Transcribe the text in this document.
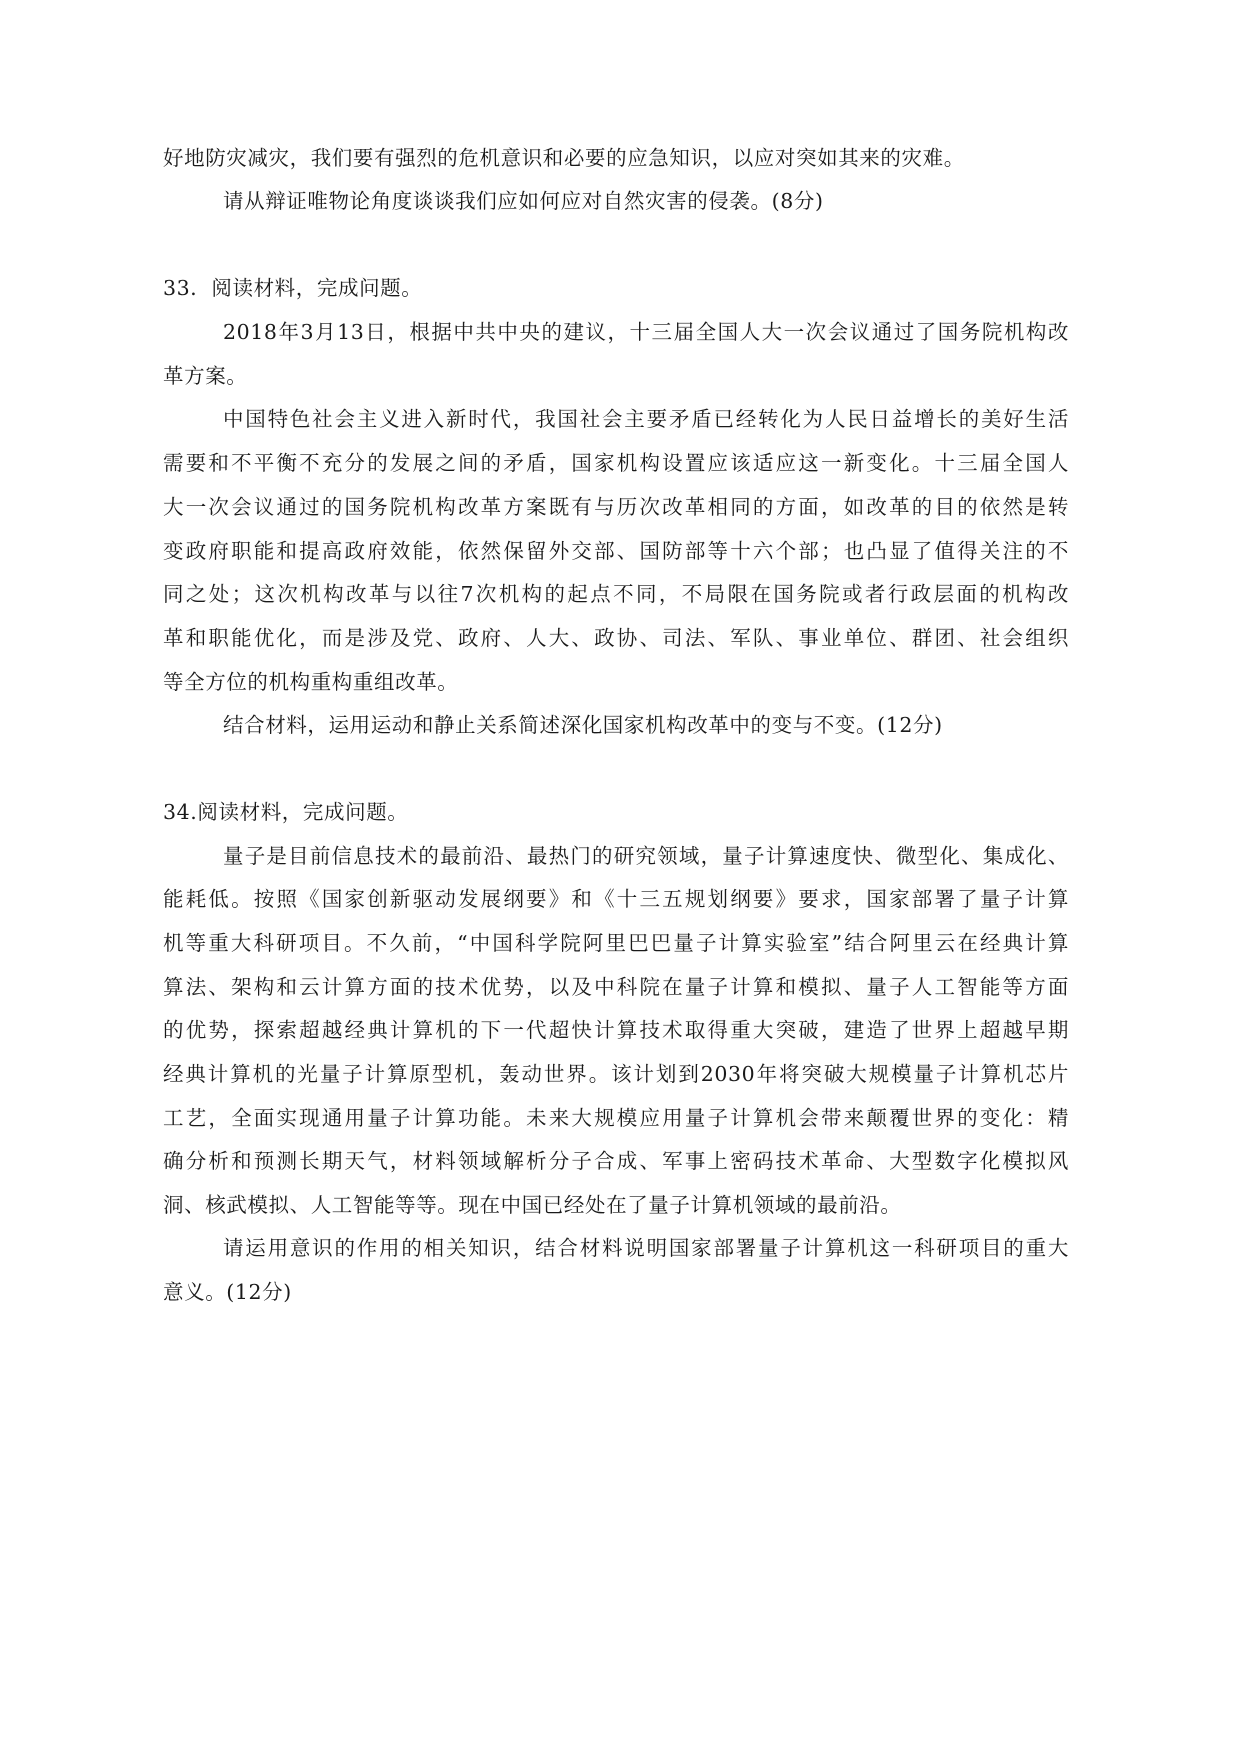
好地防灾减灾，我们要有强烈的危机意识和必要的应急知识，以应对突如其来的灾难。
请从辩证唯物论角度谈谈我们应如何应对自然灾害的侵袭。(8分)
33．阅读材料，完成问题。
2018年3月13日，根据中共中央的建议，十三届全国人大一次会议通过了国务院机构改
革方案。
中国特色社会主义进入新时代，我国社会主要矛盾已经转化为人民日益增长的美好生活
需要和不平衡不充分的发展之间的矛盾，国家机构设置应该适应这一新变化。十三届全国人
大一次会议通过的国务院机构改革方案既有与历次改革相同的方面，如改革的目的依然是转
变政府职能和提高政府效能，依然保留外交部、国防部等十六个部；也凸显了值得关注的不
同之处；这次机构改革与以往7次机构的起点不同，不局限在国务院或者行政层面的机构改
革和职能优化，而是涉及党、政府、人大、政协、司法、军队、事业单位、群团、社会组织
等全方位的机构重构重组改革。
结合材料，运用运动和静止关系简述深化国家机构改革中的变与不变。(12分)
34.阅读材料，完成问题。
量子是目前信息技术的最前沿、最热门的研究领域，量子计算速度快、微型化、集成化、
能耗低。按照《国家创新驱动发展纲要》和《十三五规划纲要》要求，国家部署了量子计算
机等重大科研项目。不久前，“中国科学院阿里巴巴量子计算实验室”结合阿里云在经典计算
算法、架构和云计算方面的技术优势，以及中科院在量子计算和模拟、量子人工智能等方面
的优势，探索超越经典计算机的下一代超快计算技术取得重大突破，建造了世界上超越早期
经典计算机的光量子计算原型机，轰动世界。该计划到2030年将突破大规模量子计算机芯片
工艺，全面实现通用量子计算功能。未来大规模应用量子计算机会带来颠覆世界的变化：精
确分析和预测长期天气，材料领域解析分子合成、军事上密码技术革命、大型数字化模拟风
洞、核武模拟、人工智能等等。现在中国已经处在了量子计算机领域的最前沿。
请运用意识的作用的相关知识，结合材料说明国家部署量子计算机这一科研项目的重大
意义。(12分)
